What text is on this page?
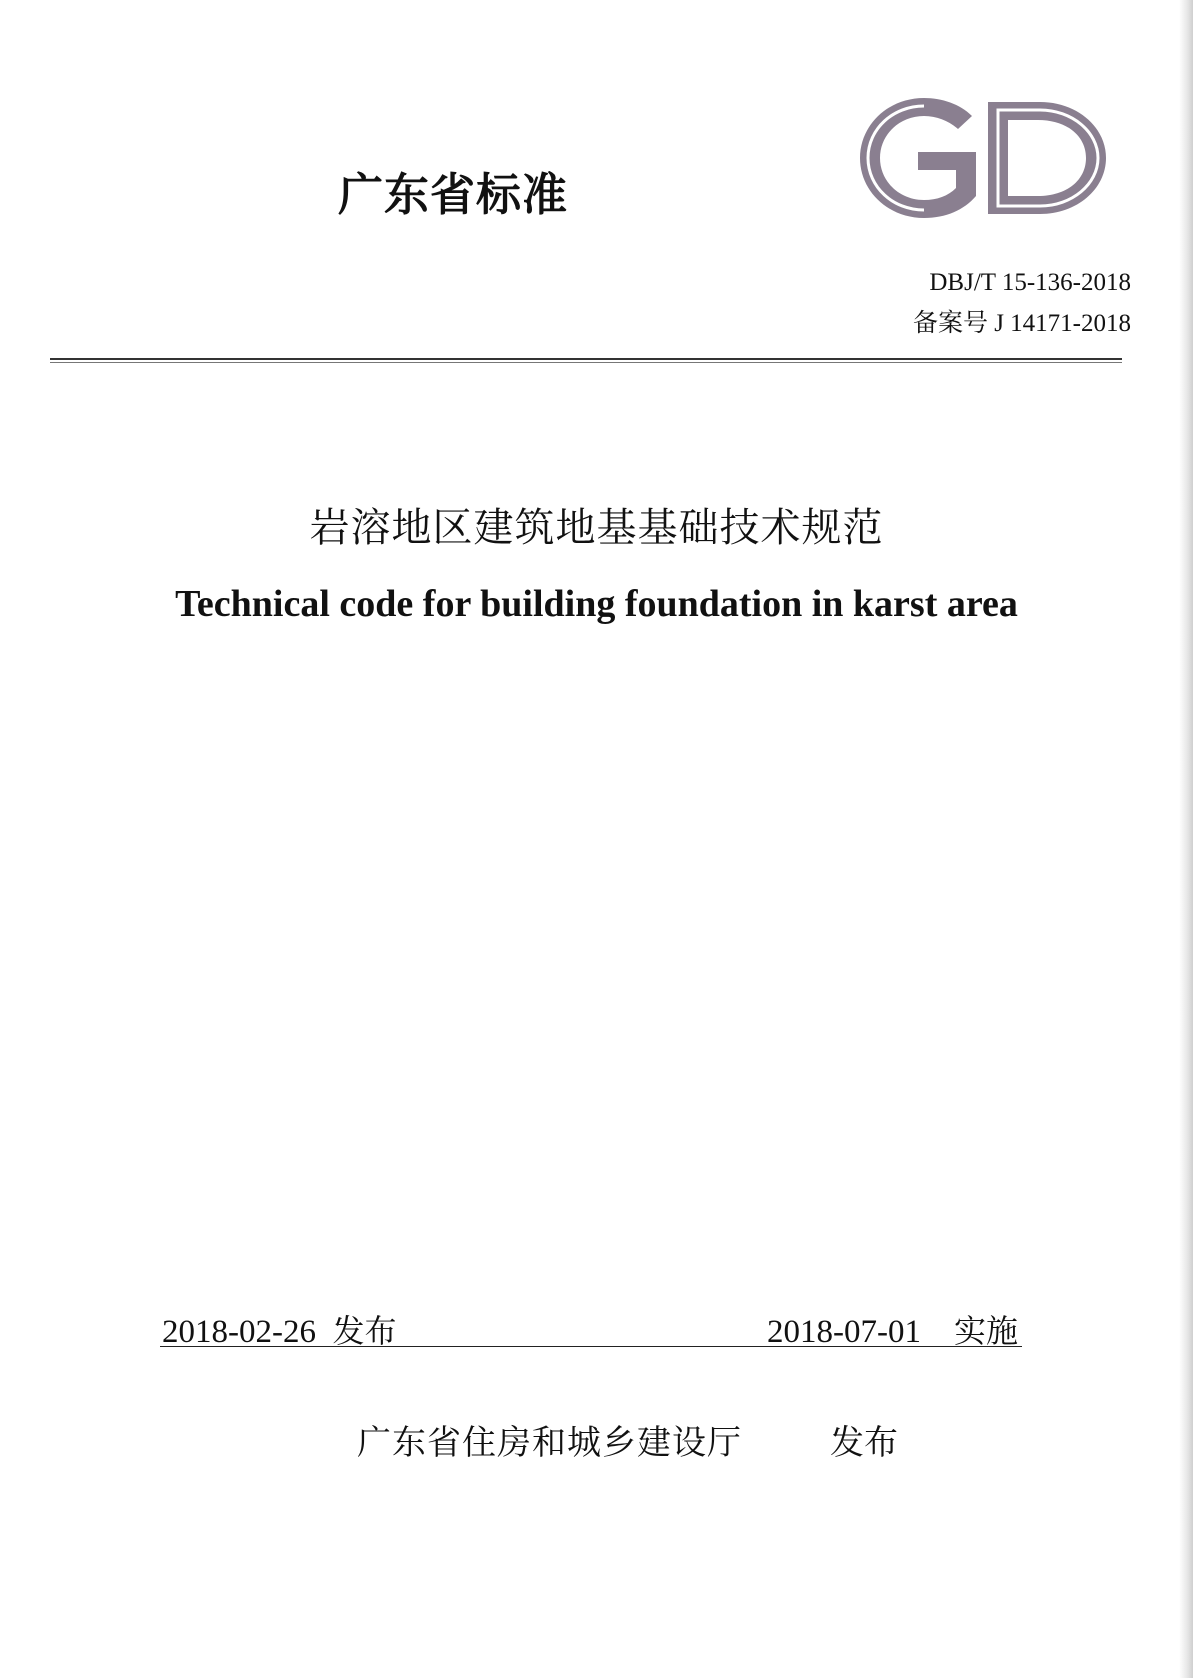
广东省标准
DBJ/T 15-136-2018
备案号 J 14171-2018
岩溶地区建筑地基基础技术规范
Technical code for building foundation in karst area
2018-02-26 发布	2018-07-01 实施
广东省住房和城乡建设厅	发布
